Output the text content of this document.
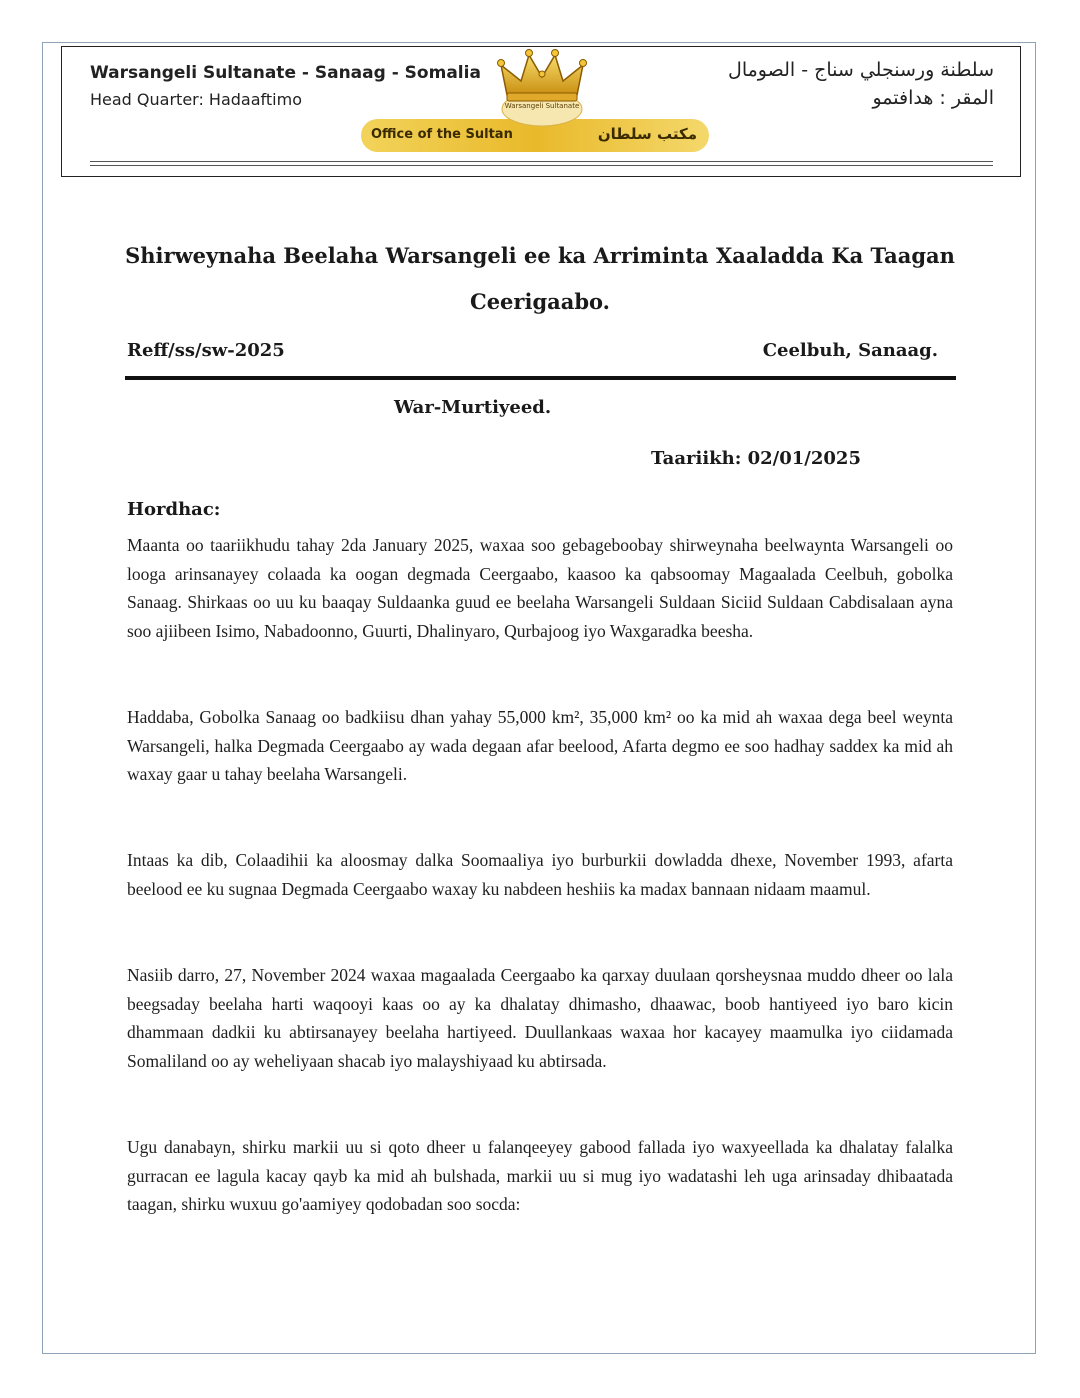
Warsangeli Sultanate - Sanaag - Somalia
Head Quarter: Hadaaftimo
سلطنة ورسنجلي سناج - الصومال
المقر : هدافتمو
Office of the Sultan	مكتب سلطان
Warsangeli Sultanate
Shirweynaha Beelaha Warsangeli ee ka Arriminta Xaaladda Ka Taagan
Ceerigaabo.
Reff/ss/sw-2025	Ceelbuh, Sanaag.
War-Murtiyeed.
Taariikh: 02/01/2025
Hordhac:

Maanta oo taariikhudu tahay 2da January 2025, waxaa soo gebageboobay shirweynaha beelwaynta Warsangeli oo looga arinsanayey colaada ka oogan degmada Ceergaabo, kaasoo ka qabsoomay Magaalada Ceelbuh, gobolka Sanaag. Shirkaas oo uu ku baaqay Suldaanka guud ee beelaha Warsangeli Suldaan Siciid Suldaan Cabdisalaan ayna soo ajiibeen Isimo, Nabadoonno, Guurti, Dhalinyaro, Qurbajoog iyo Waxgaradka beesha.

Haddaba, Gobolka Sanaag oo badkiisu dhan yahay 55,000 km², 35,000 km² oo ka mid ah waxaa dega beel weynta Warsangeli, halka Degmada Ceergaabo ay wada degaan afar beelood, Afarta degmo ee soo hadhay saddex ka mid ah waxay gaar u tahay beelaha Warsangeli.

Intaas ka dib, Colaadihii ka aloosmay dalka Soomaaliya iyo burburkii dowladda dhexe, November 1993, afarta beelood ee ku sugnaa Degmada Ceergaabo waxay ku nabdeen heshiis ka madax bannaan nidaam maamul.

Nasiib darro, 27, November 2024 waxaa magaalada Ceergaabo ka qarxay duulaan qorsheysnaa muddo dheer oo lala beegsaday beelaha harti waqooyi kaas oo ay ka dhalatay dhimasho, dhaawac, boob hantiyeed iyo baro kicin dhammaan dadkii ku abtirsanayey beelaha hartiyeed. Duullankaas waxaa hor kacayey maamulka iyo ciidamada Somaliland oo ay weheliyaan shacab iyo malayshiyaad ku abtirsada.

Ugu danabayn, shirku markii uu si qoto dheer u falanqeeyey gabood fallada iyo waxyeellada ka dhalatay falalka gurracan ee lagula kacay qayb ka mid ah bulshada, markii uu si mug iyo wadatashi leh uga arinsaday dhibaatada taagan, shirku wuxuu go'aamiyey qodobadan soo socda:
